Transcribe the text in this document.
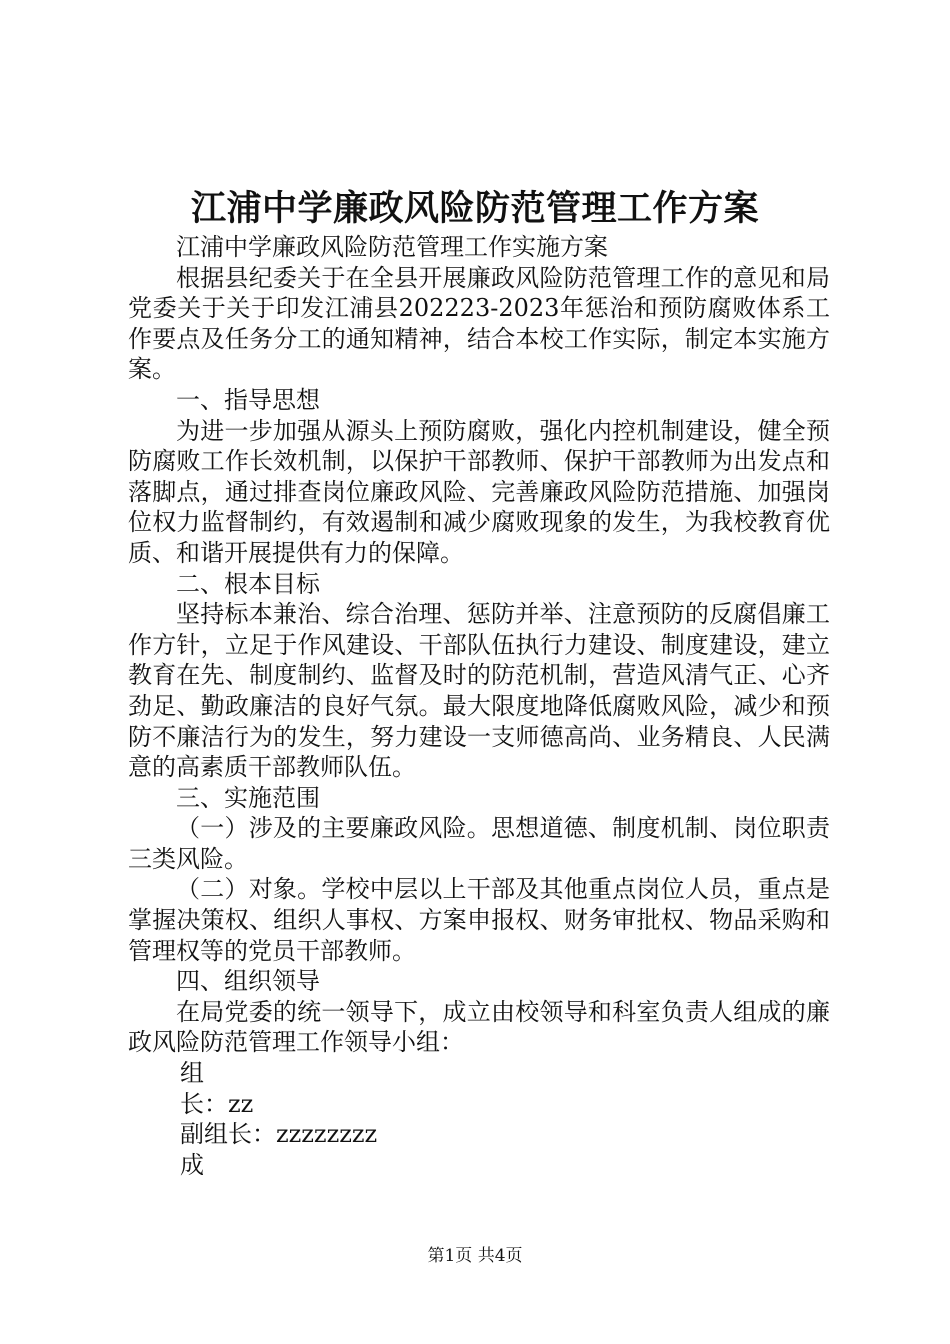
江浦中学廉政风险防范管理工作方案

江浦中学廉政风险防范管理工作实施方案

根据县纪委关于在全县开展廉政风险防范管理工作的意见和局党委关于关于印发江浦县202223-2023年惩治和预防腐败体系工作要点及任务分工的通知精神，结合本校工作实际，制定本实施方案。

一、指导思想

为进一步加强从源头上预防腐败，强化内控机制建设，健全预防腐败工作长效机制，以保护干部教师、保护干部教师为出发点和落脚点，通过排查岗位廉政风险、完善廉政风险防范措施、加强岗位权力监督制约，有效遏制和减少腐败现象的发生，为我校教育优质、和谐开展提供有力的保障。

二、根本目标

坚持标本兼治、综合治理、惩防并举、注意预防的反腐倡廉工作方针，立足于作风建设、干部队伍执行力建设、制度建设，建立教育在先、制度制约、监督及时的防范机制，营造风清气正、心齐劲足、勤政廉洁的良好气氛。最大限度地降低腐败风险，减少和预防不廉洁行为的发生，努力建设一支师德高尚、业务精良、人民满意的高素质干部教师队伍。

三、实施范围

（一）涉及的主要廉政风险。思想道德、制度机制、岗位职责三类风险。

（二）对象。学校中层以上干部及其他重点岗位人员，重点是掌握决策权、组织人事权、方案申报权、财务审批权、物品采购和管理权等的党员干部教师。

四、组织领导

在局党委的统一领导下，成立由校领导和科室负责人组成的廉政风险防范管理工作领导小组：

组

长：zz

副组长：zzzzzzzz

成

第1页 共4页
